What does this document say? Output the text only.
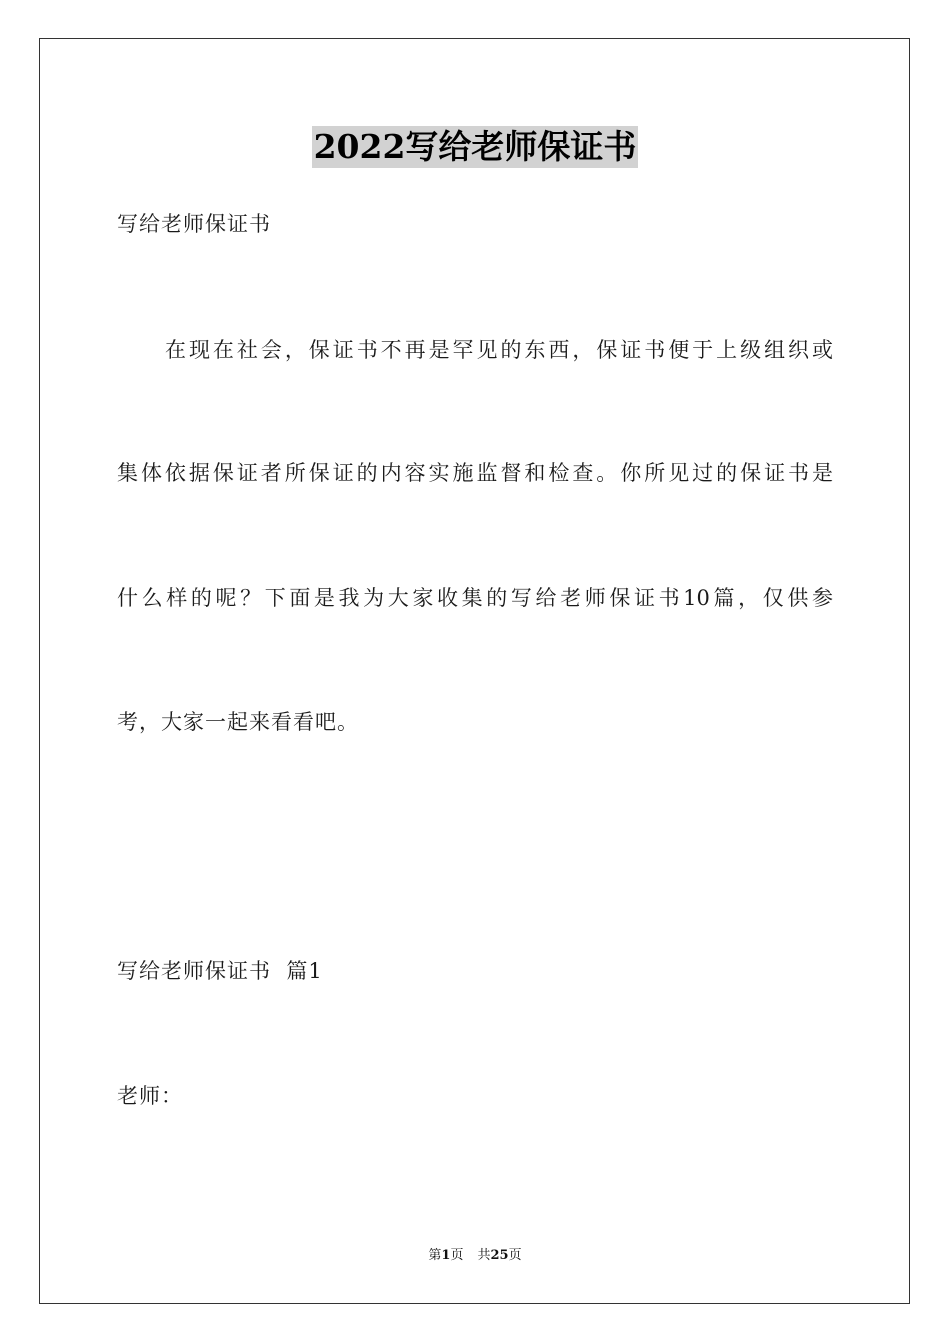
2022写给老师保证书
写给老师保证书
在现在社会，保证书不再是罕见的东西，保证书便于上级组织或
集体依据保证者所保证的内容实施监督和检查。你所见过的保证书是
什么样的呢？下面是我为大家收集的写给老师保证书10篇，仅供参
考，大家一起来看看吧。
写给老师保证书  篇1
老师：
第1页 共25页
